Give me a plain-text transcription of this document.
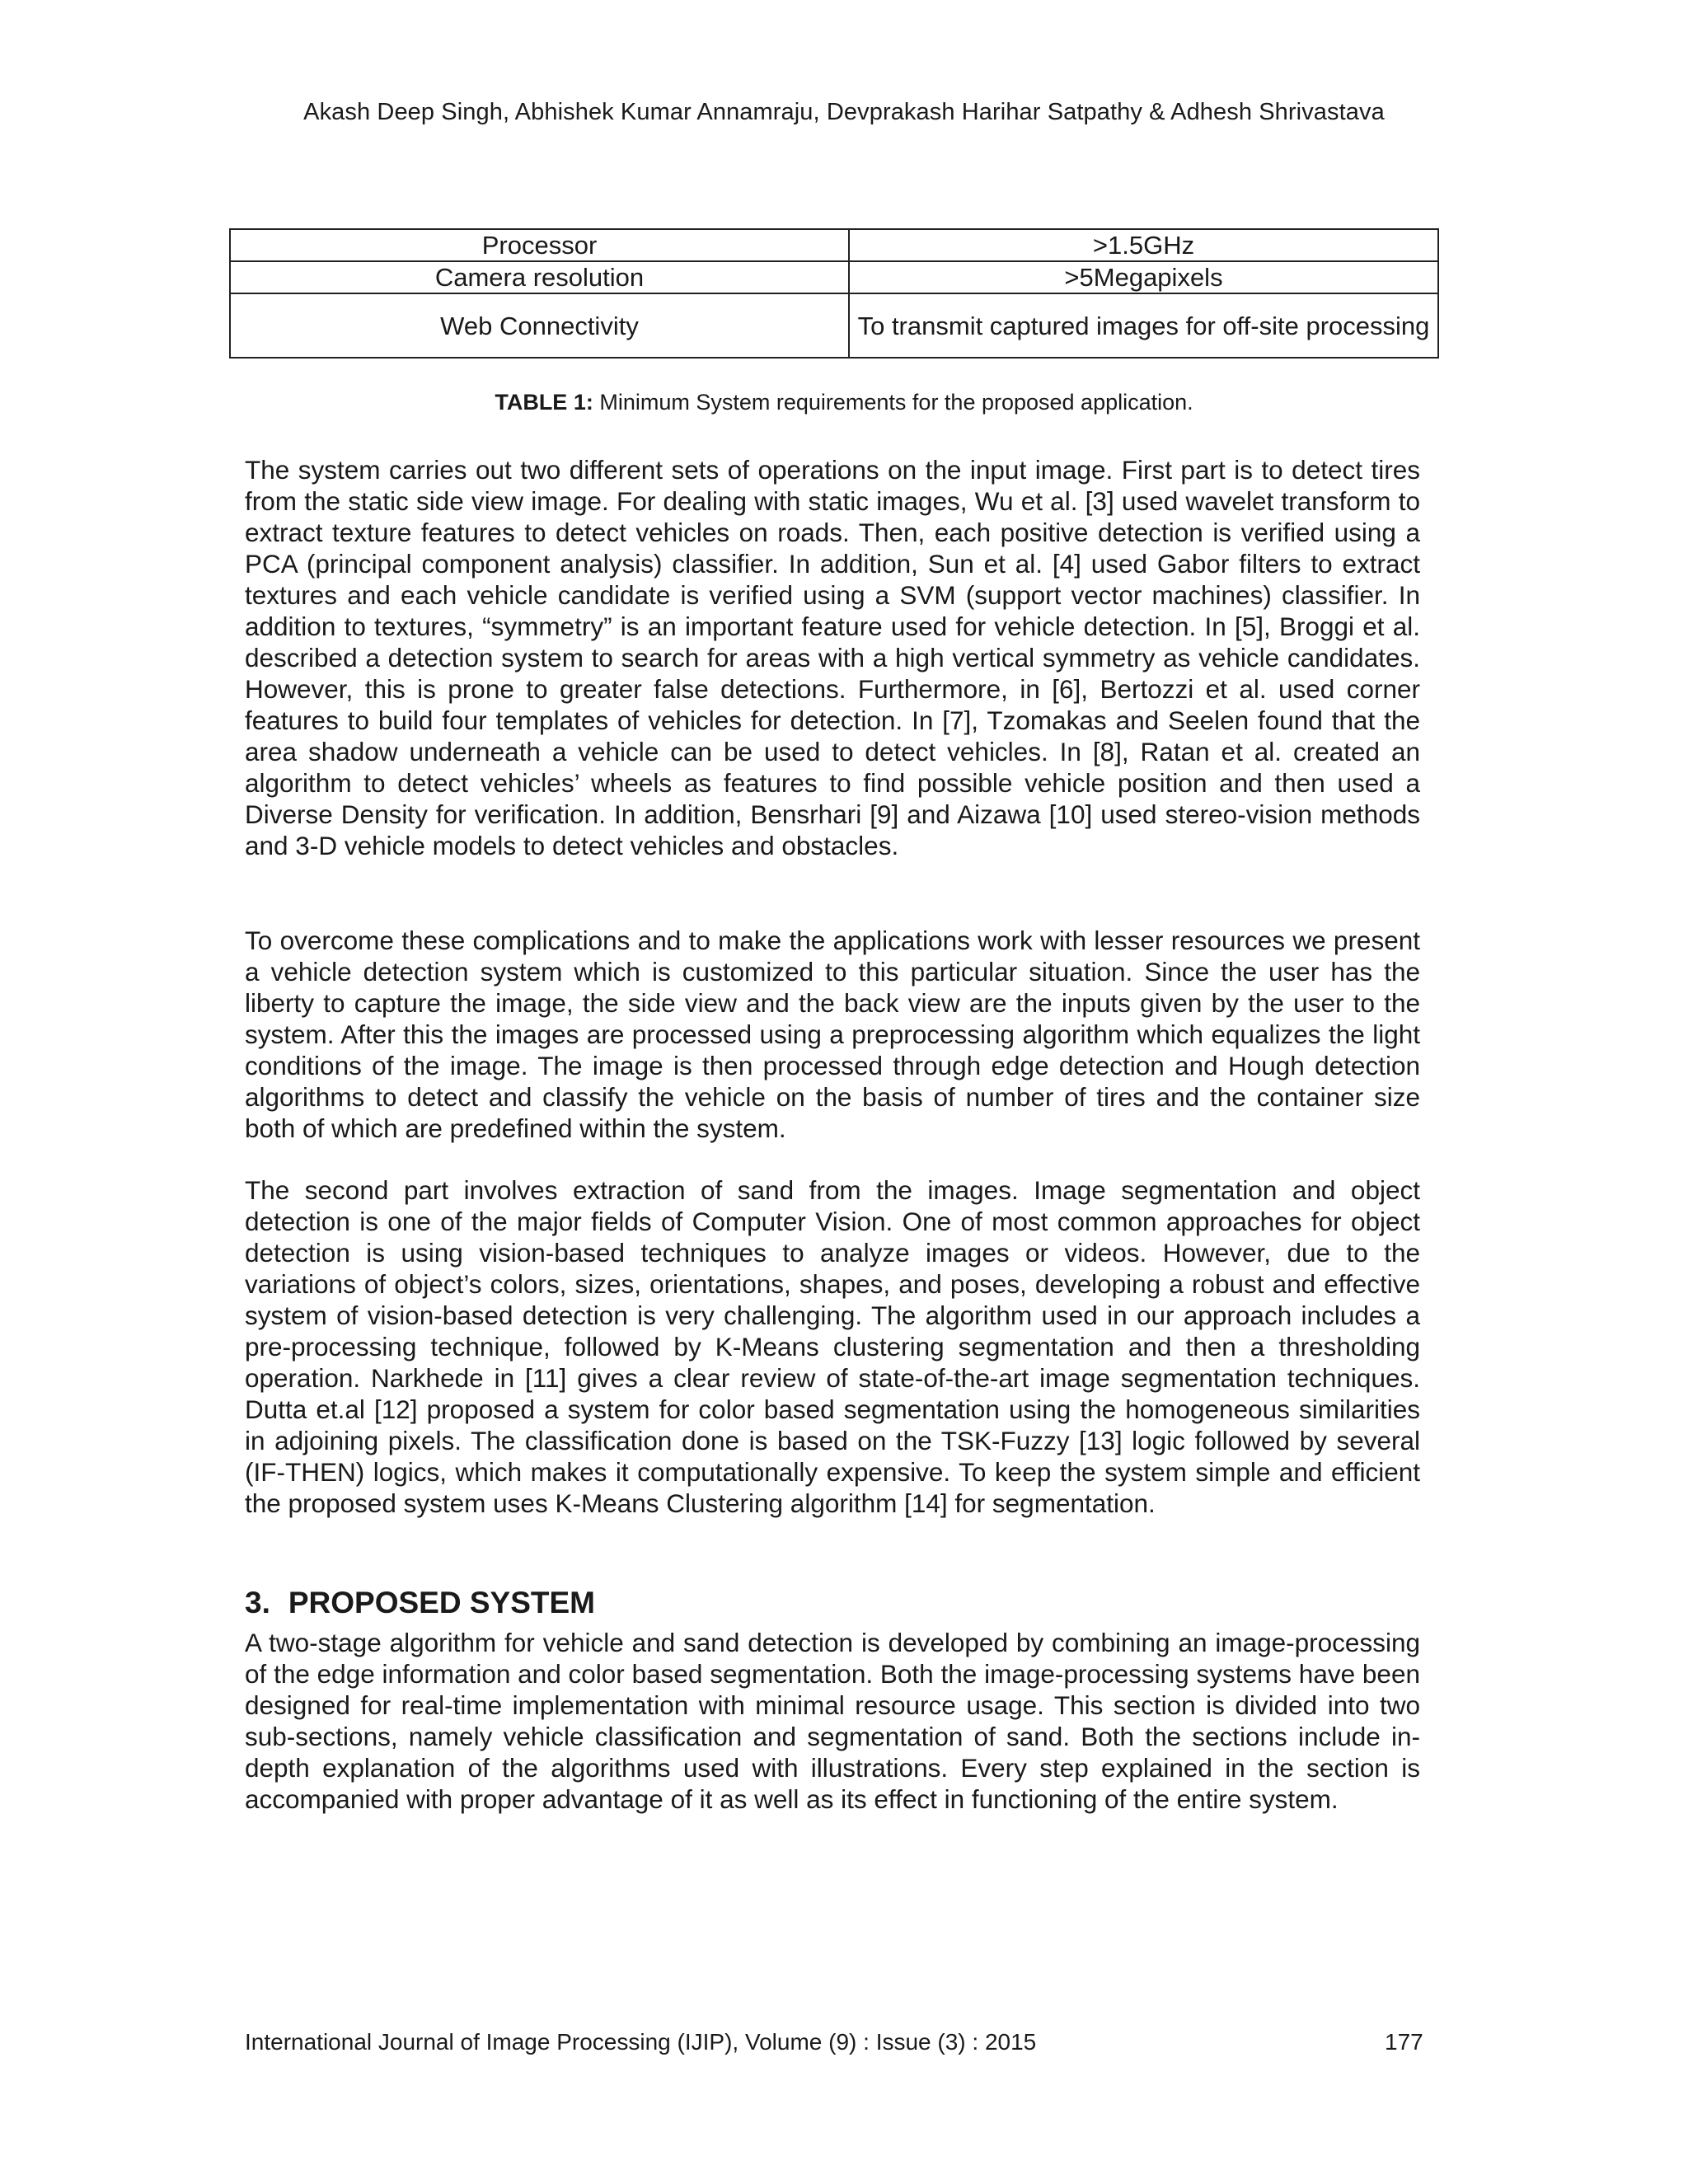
Akash Deep Singh, Abhishek Kumar Annamraju, Devprakash Harihar Satpathy & Adhesh Shrivastava
Processor	>1.5GHz
Camera resolution	>5Megapixels
Web Connectivity	To transmit captured images for off-site processing
TABLE 1: Minimum System requirements for the proposed application.

The system carries out two different sets of operations on the input image. First part is to detect tires from the static side view image. For dealing with static images, Wu et al. [3] used wavelet transform to extract texture features to detect vehicles on roads. Then, each positive detection is verified using a PCA (principal component analysis) classifier. In addition, Sun et al. [4] used Gabor filters to extract textures and each vehicle candidate is verified using a SVM (support vector machines) classifier. In addition to textures, “symmetry” is an important feature used for vehicle detection. In [5], Broggi et al. described a detection system to search for areas with a high vertical symmetry as vehicle candidates. However, this is prone to greater false detections. Furthermore, in [6], Bertozzi et al. used corner features to build four templates of vehicles for detection. In [7], Tzomakas and Seelen found that the area shadow underneath a vehicle can be used to detect vehicles. In [8], Ratan et al. created an algorithm to detect vehicles’ wheels as features to find possible vehicle position and then used a Diverse Density for verification. In addition, Bensrhari [9] and Aizawa [10] used stereo-vision methods and 3-D vehicle models to detect vehicles and obstacles.

To overcome these complications and to make the applications work with lesser resources we present a vehicle detection system which is customized to this particular situation. Since the user has the liberty to capture the image, the side view and the back view are the inputs given by the user to the system. After this the images are processed using a preprocessing algorithm which equalizes the light conditions of the image. The image is then processed through edge detection and Hough detection algorithms to detect and classify the vehicle on the basis of number of tires and the container size both of which are predefined within the system.

The second part involves extraction of sand from the images. Image segmentation and object detection is one of the major fields of Computer Vision. One of most common approaches for object detection is using vision-based techniques to analyze images or videos. However, due to the variations of object’s colors, sizes, orientations, shapes, and poses, developing a robust and effective system of vision-based detection is very challenging. The algorithm used in our approach includes a pre-processing technique, followed by K-Means clustering segmentation and then a thresholding operation. Narkhede in [11] gives a clear review of state-of-the-art image segmentation techniques. Dutta et.al [12] proposed a system for color based segmentation using the homogeneous similarities in adjoining pixels. The classification done is based on the TSK-Fuzzy [13] logic followed by several (IF-THEN) logics, which makes it computationally expensive. To keep the system simple and efficient the proposed system uses K-Means Clustering algorithm [14] for segmentation.

3. PROPOSED SYSTEM

A two-stage algorithm for vehicle and sand detection is developed by combining an image-processing of the edge information and color based segmentation. Both the image-processing systems have been designed for real-time implementation with minimal resource usage. This section is divided into two sub-sections, namely vehicle classification and segmentation of sand. Both the sections include in-depth explanation of the algorithms used with illustrations. Every step explained in the section is accompanied with proper advantage of it as well as its effect in functioning of the entire system.

International Journal of Image Processing (IJIP), Volume (9) : Issue (3) : 2015	177
